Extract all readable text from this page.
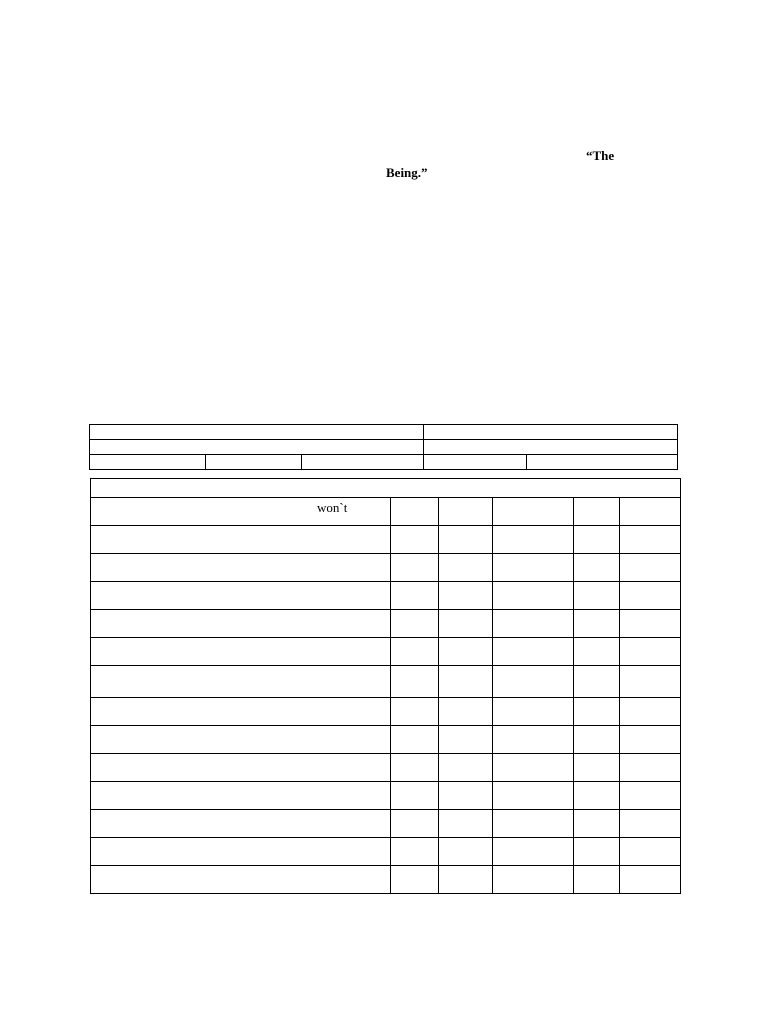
“The
Being.”

won`t					
